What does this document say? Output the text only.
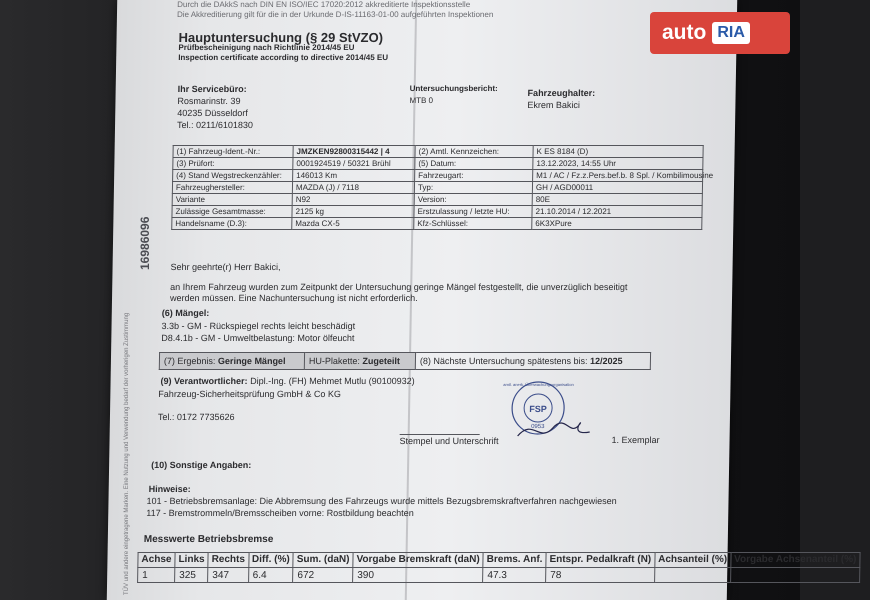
Durch die DAkkS nach DIN EN ISO/IEC 17020:2012 akkreditierte Inspektionsstelle
Die Akkreditierung gilt für die in der Urkunde D-IS-11163-01-00 aufgeführten Inspektionen
Hauptuntersuchung (§ 29 StVZO)
Prüfbescheinigung nach Richtlinie 2014/45 EU
Inspection certificate according to directive 2014/45 EU
Ihr Servicebüro:
Rosmarinstr. 39
40235 Düsseldorf
Tel.: 0211/6101830
Untersuchungsbericht:
MTB 0
Fahrzeughalter:
Ekrem Bakici
(1) Fahrzeug-Ident.-Nr.:	JMZKEN92800315442 | 4	(2) Amtl. Kennzeichen:	K ES 8184 (D)
(3) Prüfort:	0001924519 / 50321 Brühl	(5) Datum:	13.12.2023, 14:55 Uhr
(4) Stand Wegstreckenzähler:	146013 Km	Fahrzeugart:	M1 / AC / Fz.z.Pers.bef.b. 8 Spl. / Kombilimousine
Fahrzeughersteller:	MAZDA (J) / 7118	Typ:	GH / AGD00011
Variante	N92	Version:	80E
Zulässige Gesamtmasse:	2125 kg	Erstzulassung / letzte HU:	21.10.2014 / 12.2021
Handelsname (D.3):	Mazda CX-5	Kfz-Schlüssel:	6K3XPure
Sehr geehrte(r) Herr Bakici,
an Ihrem Fahrzeug wurden zum Zeitpunkt der Untersuchung geringe Mängel festgestellt, die unverzüglich beseitigt
werden müssen. Eine Nachuntersuchung ist nicht erforderlich.
(6) Mängel:
3.3b - GM - Rückspiegel rechts leicht beschädigt
D8.4.1b - GM - Umweltbelastung: Motor ölfeucht
(7) Ergebnis: Geringe Mängel	HU-Plakette: Zugeteilt	(8) Nächste Untersuchung spätestens bis: 12/2025
(9) Verantwortlicher: Dipl.-Ing. (FH) Mehmet Mutlu (90100932)
Fahrzeug-Sicherheitsprüfung GmbH & Co KG
Tel.: 0172 7735626
FSP
0953
amtl. anerk. Überwachungsorganisation
Stempel und Unterschrift	1. Exemplar
(10) Sonstige Angaben:
Hinweise:
101 - Betriebsbremsanlage: Die Abbremsung des Fahrzeugs wurde mittels Bezugsbremskraftverfahren nachgewiesen
117 - Bremstrommeln/Bremsscheiben vorne: Rostbildung beachten
Messwerte Betriebsbremse
Achse	Links	Rechts	Diff. (%)	Sum. (daN)	Vorgabe Bremskraft (daN)	Brems. Anf.	Entspr. Pedalkraft (N)	Achsanteil (%)	Vorgabe Achsenanteil (%)
1	325	347	6.4	672	390	47.3	78		
16986096
TÜV und andere eingetragene Marken. Eine Nutzung und Verwendung bedarf der vorherigen Zustimmung
auto RIA
